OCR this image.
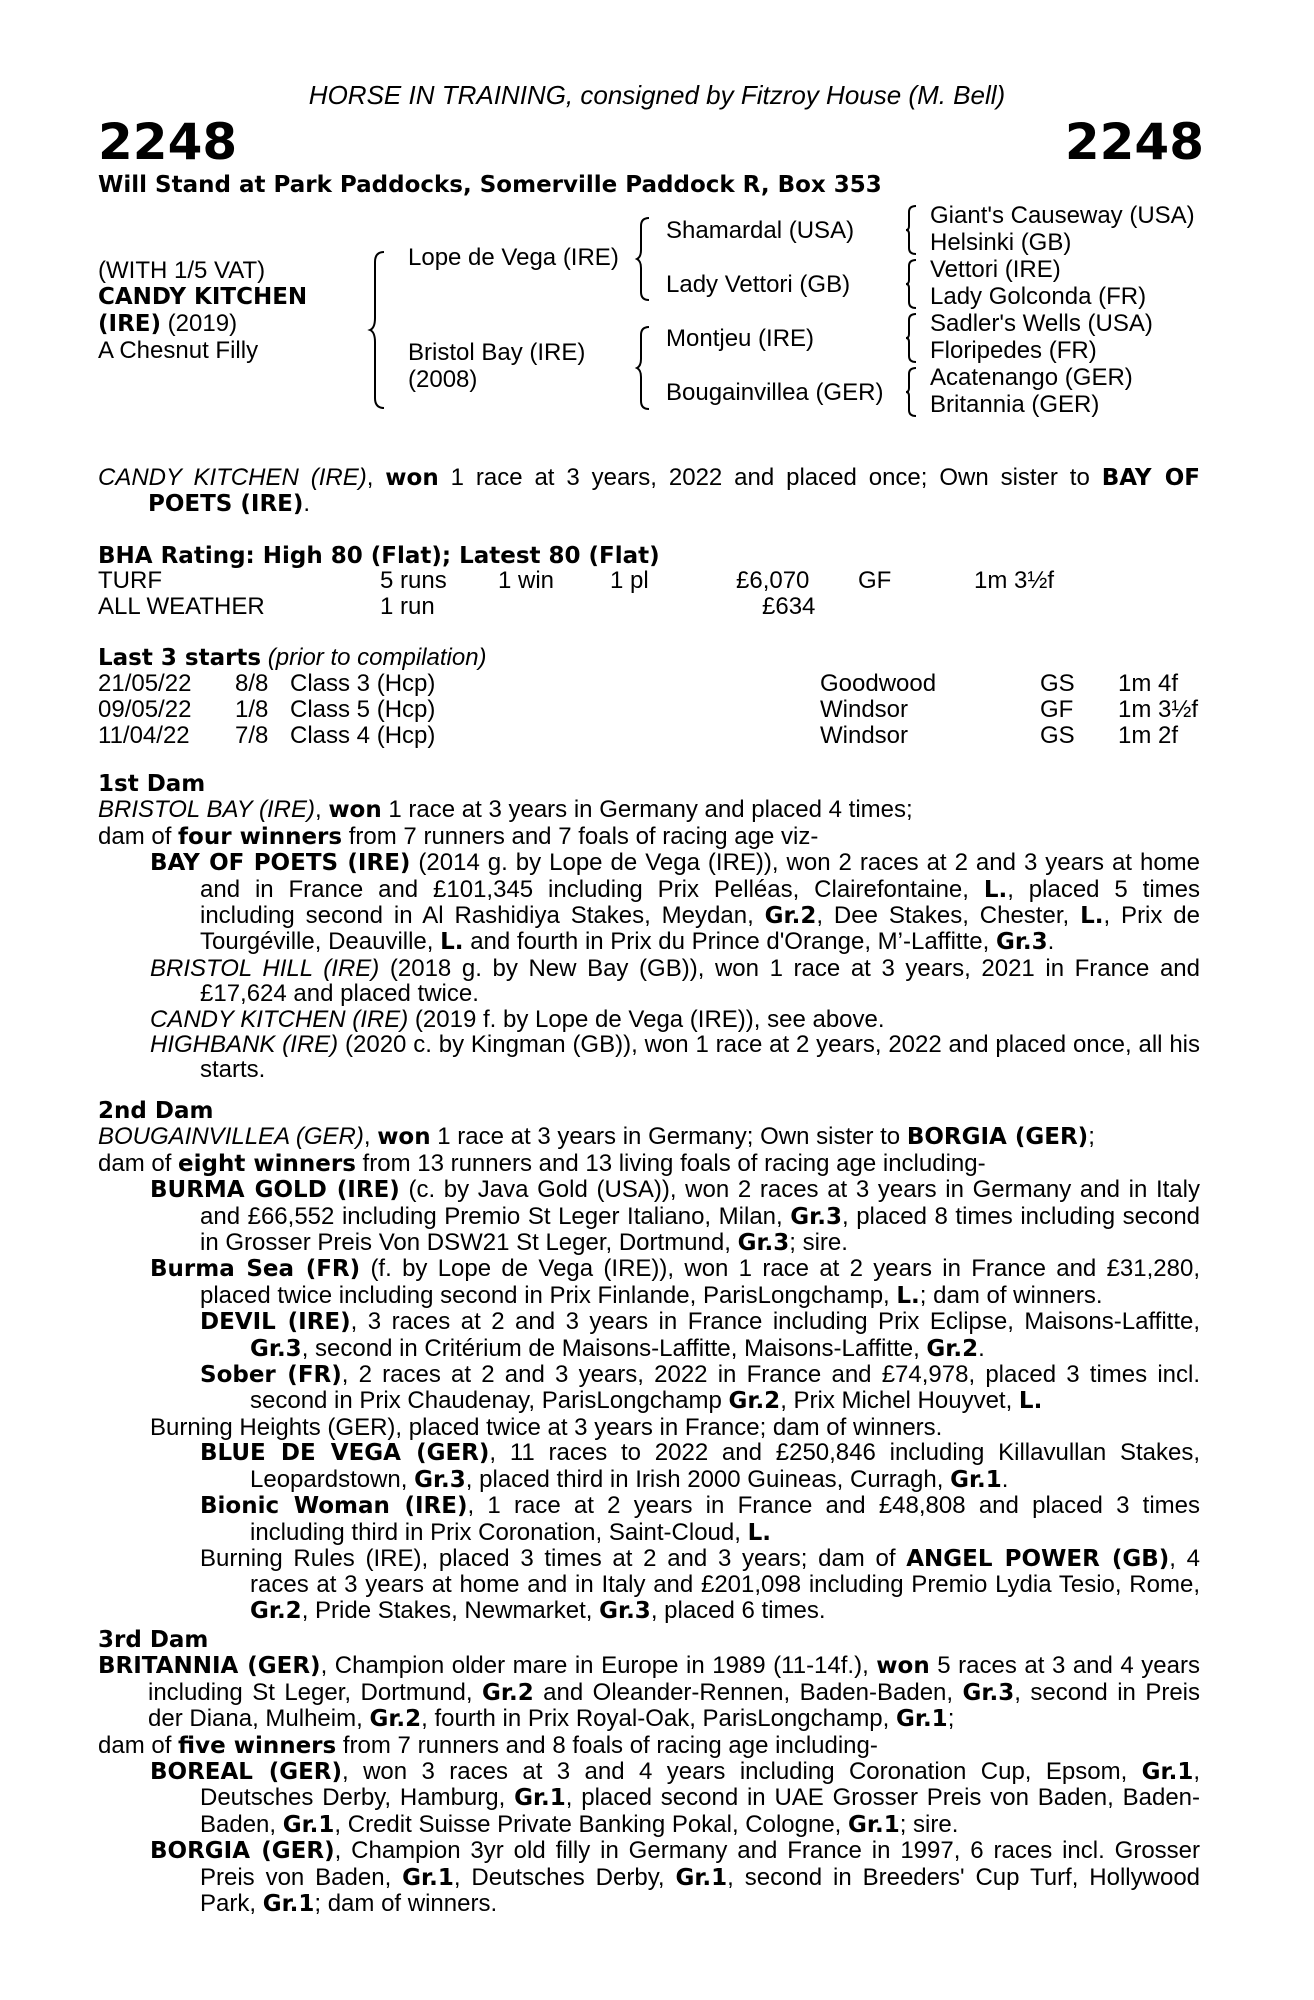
HORSE IN TRAINING, consigned by Fitzroy House (M. Bell)
2248	2248
Will Stand at Park Paddocks, Somerville Paddock R, Box 353
(WITH 1/5 VAT)
CANDY KITCHEN
(IRE) (2019)
A Chesnut Filly
Lope de Vega (IRE)
Bristol Bay (IRE)
(2008)
Shamardal (USA)
Lady Vettori (GB)
Montjeu (IRE)
Bougainvillea (GER)
Giant's Causeway (USA)
Helsinki (GB)
Vettori (IRE)
Lady Golconda (FR)
Sadler's Wells (USA)
Floripedes (FR)
Acatenango (GER)
Britannia (GER)

CANDY KITCHEN (IRE), won 1 race at 3 years, 2022 and placed once; Own sister to BAY OF POETS (IRE).

BHA Rating: High 80 (Flat); Latest 80 (Flat)
TURF	5 runs 1 win 1 pl	£6,070 GF	1m 3½f
ALL WEATHER	1 run	£634
Last 3 starts (prior to compilation)
21/05/22 8/8 Class 3 (Hcp)	Goodwood	GS 1m 4f
09/05/22 1/8 Class 5 (Hcp)	Windsor	GF 1m 3½f
11/04/22 7/8 Class 4 (Hcp)	Windsor	GS 1m 2f

1st Dam

BRISTOL BAY (IRE), won 1 race at 3 years in Germany and placed 4 times;

dam of four winners from 7 runners and 7 foals of racing age viz-

BAY OF POETS (IRE) (2014 g. by Lope de Vega (IRE)), won 2 races at 2 and 3 years at home and in France and £101,345 including Prix Pelléas, Clairefontaine, L., placed 5 times including second in Al Rashidiya Stakes, Meydan, Gr.2, Dee Stakes, Chester, L., Prix de Tourgéville, Deauville, L. and fourth in Prix du Prince d'Orange, M’-Laffitte, Gr.3.

BRISTOL HILL (IRE) (2018 g. by New Bay (GB)), won 1 race at 3 years, 2021 in France and £17,624 and placed twice.

CANDY KITCHEN (IRE) (2019 f. by Lope de Vega (IRE)), see above.

HIGHBANK (IRE) (2020 c. by Kingman (GB)), won 1 race at 2 years, 2022 and placed once, all his starts.

2nd Dam

BOUGAINVILLEA (GER), won 1 race at 3 years in Germany; Own sister to BORGIA (GER);

dam of eight winners from 13 runners and 13 living foals of racing age including-

BURMA GOLD (IRE) (c. by Java Gold (USA)), won 2 races at 3 years in Germany and in Italy and £66,552 including Premio St Leger Italiano, Milan, Gr.3, placed 8 times including second in Grosser Preis Von DSW21 St Leger, Dortmund, Gr.3; sire.

Burma Sea (FR) (f. by Lope de Vega (IRE)), won 1 race at 2 years in France and £31,280, placed twice including second in Prix Finlande, ParisLongchamp, L.; dam of winners.

DEVIL (IRE), 3 races at 2 and 3 years in France including Prix Eclipse, Maisons-Laffitte, Gr.3, second in Critérium de Maisons-Laffitte, Maisons-Laffitte, Gr.2.

Sober (FR), 2 races at 2 and 3 years, 2022 in France and £74,978, placed 3 times incl. second in Prix Chaudenay, ParisLongchamp Gr.2, Prix Michel Houyvet, L.

Burning Heights (GER), placed twice at 3 years in France; dam of winners.

BLUE DE VEGA (GER), 11 races to 2022 and £250,846 including Killavullan Stakes, Leopardstown, Gr.3, placed third in Irish 2000 Guineas, Curragh, Gr.1.

Bionic Woman (IRE), 1 race at 2 years in France and £48,808 and placed 3 times including third in Prix Coronation, Saint-Cloud, L.

Burning Rules (IRE), placed 3 times at 2 and 3 years; dam of ANGEL POWER (GB), 4 races at 3 years at home and in Italy and £201,098 including Premio Lydia Tesio, Rome, Gr.2, Pride Stakes, Newmarket, Gr.3, placed 6 times.

3rd Dam

BRITANNIA (GER), Champion older mare in Europe in 1989 (11-14f.), won 5 races at 3 and 4 years including St Leger, Dortmund, Gr.2 and Oleander-Rennen, Baden-Baden, Gr.3, second in Preis der Diana, Mulheim, Gr.2, fourth in Prix Royal-Oak, ParisLongchamp, Gr.1;

dam of five winners from 7 runners and 8 foals of racing age including-

BOREAL (GER), won 3 races at 3 and 4 years including Coronation Cup, Epsom, Gr.1, Deutsches Derby, Hamburg, Gr.1, placed second in UAE Grosser Preis von Baden, Baden-Baden, Gr.1, Credit Suisse Private Banking Pokal, Cologne, Gr.1; sire.

BORGIA (GER), Champion 3yr old filly in Germany and France in 1997, 6 races incl. Grosser Preis von Baden, Gr.1, Deutsches Derby, Gr.1, second in Breeders' Cup Turf, Hollywood Park, Gr.1; dam of winners.
